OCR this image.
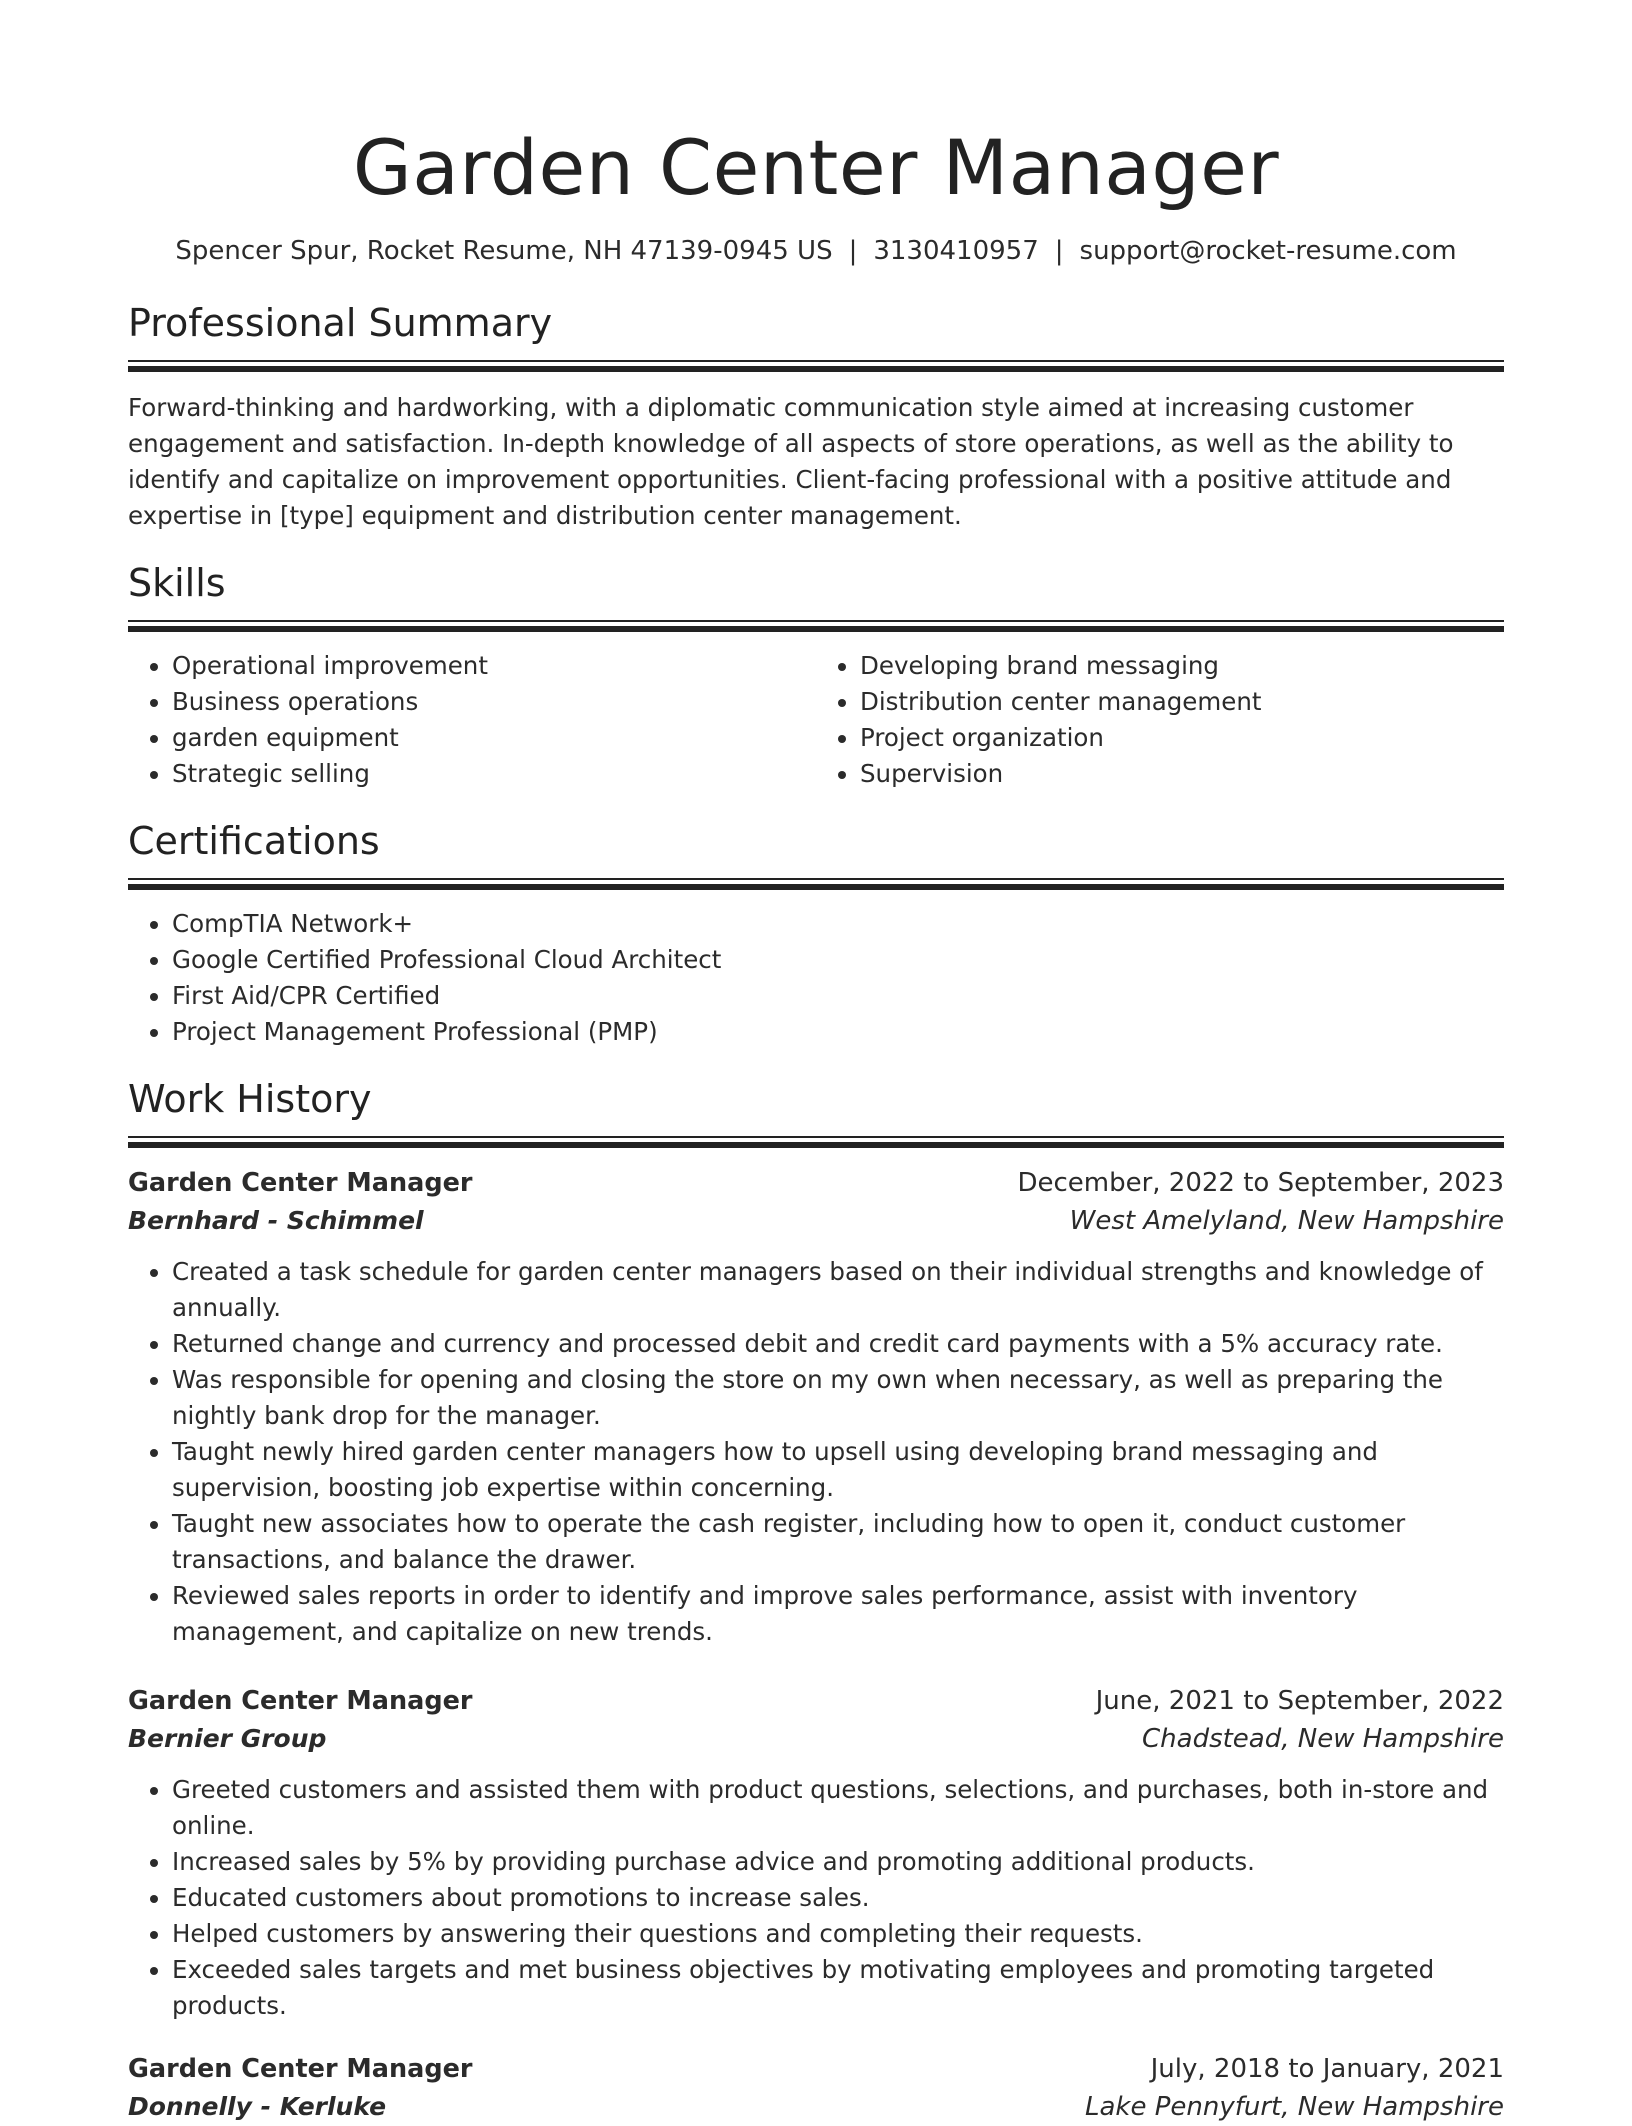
Garden Center Manager
Spencer Spur, Rocket Resume, NH 47139-0945 US | 3130410957 | support@rocket-resume.com
Professional Summary
Forward-thinking and hardworking, with a diplomatic communication style aimed at increasing customer engagement and satisfaction. In-depth knowledge of all aspects of store operations, as well as the ability to identify and capitalize on improvement opportunities. Client-facing professional with a positive attitude and expertise in [type] equipment and distribution center management.
Skills
• Operational improvement
• Business operations
• garden equipment
• Strategic selling
• Developing brand messaging
• Distribution center management
• Project organization
• Supervision
Certifications
• CompTIA Network+
• Google Certified Professional Cloud Architect
• First Aid/CPR Certified
• Project Management Professional (PMP)
Work History
Garden Center Manager	December, 2022 to September, 2023
Bernhard - Schimmel	West Amelyland, New Hampshire
• Created a task schedule for garden center managers based on their individual strengths and knowledge of annually.
• Returned change and currency and processed debit and credit card payments with a 5% accuracy rate.
• Was responsible for opening and closing the store on my own when necessary, as well as preparing the nightly bank drop for the manager.
• Taught newly hired garden center managers how to upsell using developing brand messaging and supervision, boosting job expertise within concerning.
• Taught new associates how to operate the cash register, including how to open it, conduct customer transactions, and balance the drawer.
• Reviewed sales reports in order to identify and improve sales performance, assist with inventory management, and capitalize on new trends.
Garden Center Manager	June, 2021 to September, 2022
Bernier Group	Chadstead, New Hampshire
• Greeted customers and assisted them with product questions, selections, and purchases, both in-store and online.
• Increased sales by 5% by providing purchase advice and promoting additional products.
• Educated customers about promotions to increase sales.
• Helped customers by answering their questions and completing their requests.
• Exceeded sales targets and met business objectives by motivating employees and promoting targeted products.
Garden Center Manager	July, 2018 to January, 2021
Donnelly - Kerluke	Lake Pennyfurt, New Hampshire
